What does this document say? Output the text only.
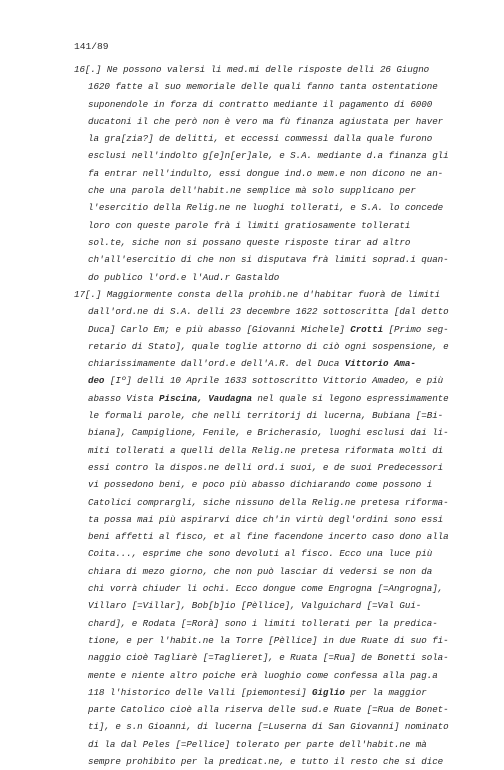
141/89
16[.] Ne possono valersi li med.mi delle risposte delli 26 Giugno
1620 fatte al suo memoriale delle quali fanno tanta ostentatione
suponendole in forza di contratto mediante il pagamento di 6000
ducatoni il che però non è vero ma fù finanza agiustata per haver
la gra[zia?] de delitti, et eccessi commessi dalla quale furono
esclusi nell'indolto g[e]n[er]ale, e S.A. mediante d.a finanza gli
fa entrar nell'indulto, essi dongue ind.o mem.e non dicono ne an-
che una parola dell'habit.ne semplice mà solo supplicano per
l'esercitio della Relig.ne ne luoghi tollerati, e S.A. lo concede
loro con queste parole frà i limiti gratiosamente tollerati
sol.te, siche non si possano queste risposte tirar ad altro
ch'all'esercitio di che non si disputava frà limiti soprad.i quan-
do publico l'ord.e l'Aud.r Gastaldo
17[.] Maggiormente consta della prohib.ne d'habitar fuorà de limiti
dall'ord.ne di S.A. delli 23 decembre 1622 sottoscritta [dal detto
Duca] Carlo Em; e più abasso [Giovanni Michele] Crotti [Primo seg-
retario di Stato], quale toglie attorno di ciò ogni sospensione, e
chiarissimamente dall'ord.e dell'A.R. del Duca Vittorio Ama-
deo [Iº] delli 10 Aprile 1633 sottoscritto Vittorio Amadeo, e più
abasso Vista Piscina, Vaudagna nel quale si legono espressimamente
le formali parole, che nelli territorij di lucerna, Bubiana [=Bi-
biana], Campiglione, Fenile, e Bricherasio, luoghi esclusi dai li-
miti tollerati a quelli della Relig.ne pretesa riformata molti di
essi contro la dispos.ne delli ord.i suoi, e de suoi Predecessori
vi possedono beni, e poco più abasso dichiarando come possono i
Catolici comprargli, siche nissuno della Relig.ne pretesa riforma-
ta possa mai più aspirarvi dice ch'in virtù degl'ordini sono essi
beni affetti al fisco, et al fine facendone incerto caso dono alla
Coita..., esprime che sono devoluti al fisco. Ecco una luce più
chiara di mezo giorno, che non può lasciar di vedersi se non da
chi vorrà chiuder li ochi. Ecco dongue come Engrogna [=Angrogna],
Villaro [=Villar], Bob[b]io [Pèllice], Valguichard [=Val Gui-
chard], e Rodata [=Rorà] sono i limiti tollerati per la predica-
tione, e per l'habit.ne la Torre [Pèllice] in due Ruate di suo fi-
naggio cioè Tagliarè [=Taglieret], e Ruata [=Rua] de Bonetti sola-
mente e niente altro poiche erà luoghio come confessa alla pag.a
118 l'historico delle Valli [piemontesi] Giglio per la maggior
parte Catolico cioè alla riserva delle sud.e Ruate [=Rua de Bonet-
ti], e s.n Gioanni, di lucerna [=Luserna di San Giovanni] nominato
di la dal Peles [=Pellice] tolerato per parte dell'habit.ne mà
sempre prohibito per la predicat.ne, e tutto il resto che si dice
